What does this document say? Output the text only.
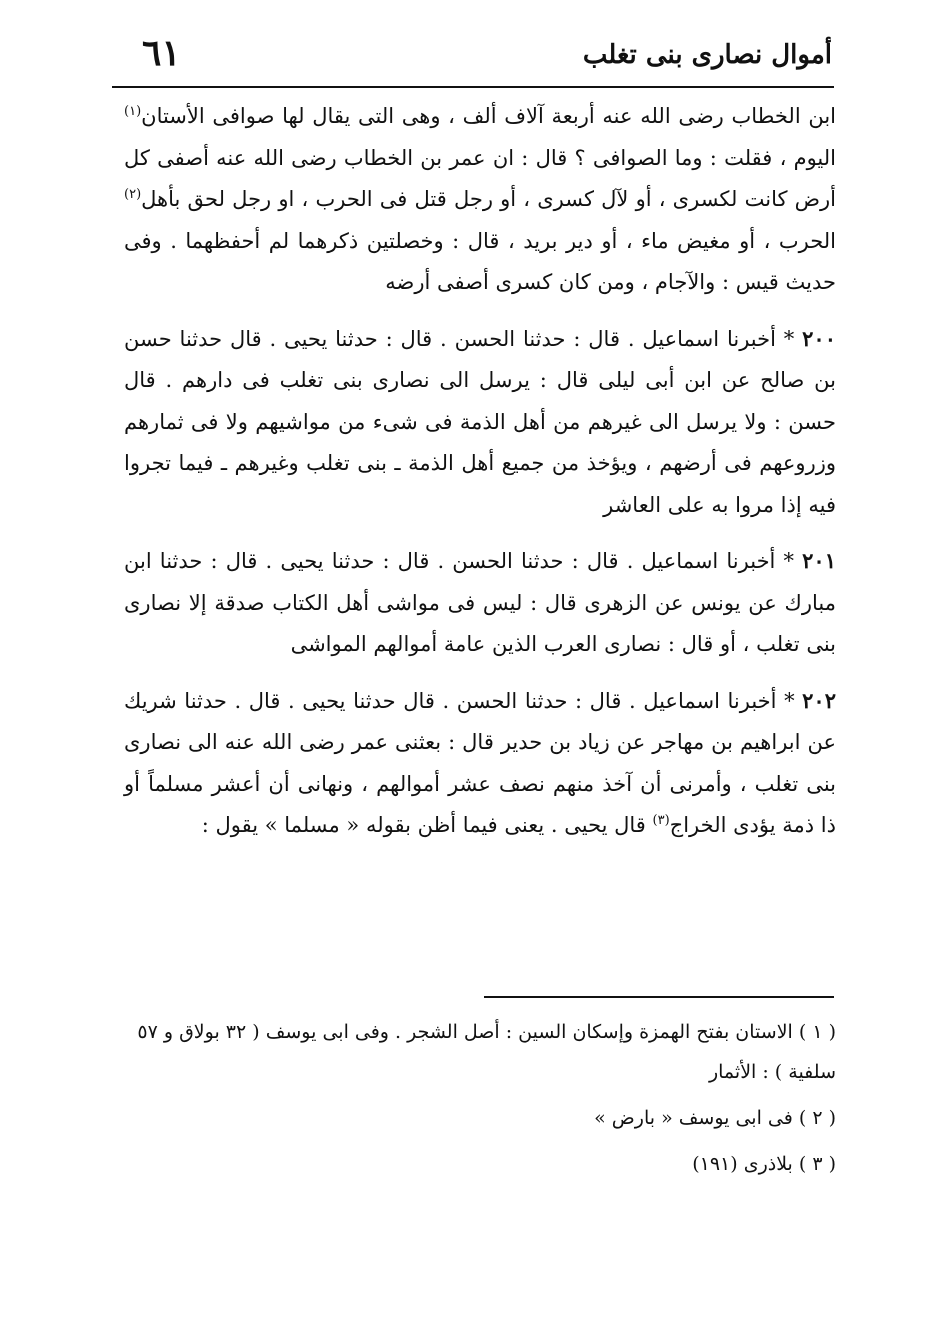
أموال نصارى بنى تغلب
٦١

ابن الخطاب رضى الله عنه أربعة آلاف ألف ، وهى التى يقال لها صوافى الأستان$^{(١)}$ اليوم ، فقلت : وما الصوافى ؟ قال : ان عمر بن الخطاب رضى الله عنه أصفى كل أرض كانت لكسرى ، أو لآل كسرى ، أو رجل قتل فى الحرب ، او رجل لحق بأهل$^{(٢)}$ الحرب ، أو مغيض ماء ، أو دير بريد ، قال : وخصلتين ذكرهما لم أحفظهما . وفى حديث قيس : والآجام ، ومن كان كسرى أصفى أرضه

٢٠٠ * أخبرنا اسماعيل . قال : حدثنا الحسن . قال : حدثنا يحيى . قال حدثنا حسن بن صالح عن ابن أبى ليلى قال : يرسل الى نصارى بنى تغلب فى دارهم . قال حسن : ولا يرسل الى غيرهم من أهل الذمة فى شىء من مواشيهم ولا فى ثمارهم وزروعهم فى أرضهم ، ويؤخذ من جميع أهل الذمة ـ بنى تغلب وغيرهم ـ فيما تجروا فيه إذا مروا به على العاشر

٢٠١ * أخبرنا اسماعيل . قال : حدثنا الحسن . قال : حدثنا يحيى . قال : حدثنا ابن مبارك عن يونس عن الزهرى قال : ليس فى مواشى أهل الكتاب صدقة إلا نصارى بنى تغلب ، أو قال : نصارى العرب الذين عامة أموالهم المواشى

٢٠٢ * أخبرنا اسماعيل . قال : حدثنا الحسن . قال حدثنا يحيى . قال . حدثنا شريك عن ابراهيم بن مهاجر عن زياد بن حدير قال : بعثنى عمر رضى الله عنه الى نصارى بنى تغلب ، وأمرنى أن آخذ منهم نصف عشر أموالهم ، ونهانى أن أعشر مسلماً أو ذا ذمة يؤدى الخراج$^{(٣)}$ قال يحيى . يعنى فيما أظن بقوله « مسلما » يقول :

( ١ ) الاستان بفتح الهمزة وإسكان السين : أصل الشجر . وفى ابى يوسف ( ٣٢ بولاق و ٥٧ سلفية ) : الأثمار

( ٢ ) فى ابى يوسف « بارض »

( ٣ ) بلاذرى (١٩١)
